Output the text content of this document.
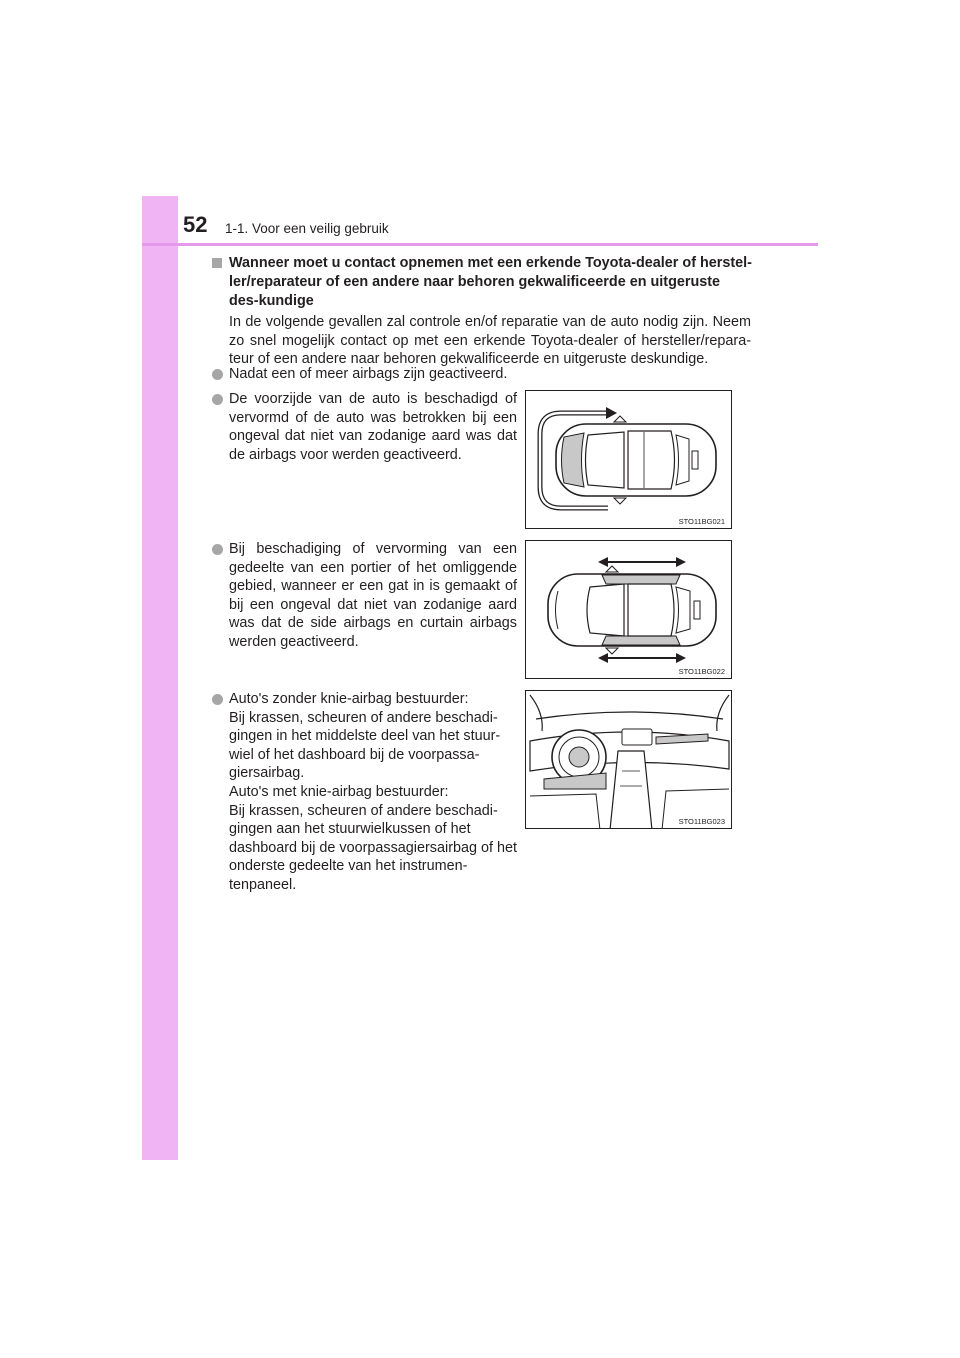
52 1-1. Voor een veilig gebruik
Wanneer moet u contact opnemen met een erkende Toyota-dealer of herstel-ler/reparateur of een andere naar behoren gekwalificeerde en uitgeruste des-kundige
In de volgende gevallen zal controle en/of reparatie van de auto nodig zijn. Neem zo snel mogelijk contact op met een erkende Toyota-dealer of hersteller/repara-teur of een andere naar behoren gekwalificeerde en uitgeruste deskundige.
Nadat een of meer airbags zijn geactiveerd.
De voorzijde van de auto is beschadigd of vervormd of de auto was betrokken bij een ongeval dat niet van zodanige aard was dat de airbags voor werden geactiveerd.
Bij beschadiging of vervorming van een gedeelte van een portier of het omliggende gebied, wanneer er een gat in is gemaakt of bij een ongeval dat niet van zodanige aard was dat de side airbags en curtain airbags werden geactiveerd.
Auto's zonder knie-airbag bestuurder:
Bij krassen, scheuren of andere beschadi-gingen in het middelste deel van het stuur-wiel of het dashboard bij de voorpassa-giersairbag.
Auto's met knie-airbag bestuurder:
Bij krassen, scheuren of andere beschadi-gingen aan het stuurwielkussen of het dashboard bij de voorpassagiersairbag of het onderste gedeelte van het instrumen-tenpaneel.
STO11BG021
STO11BG022
STO11BG023
